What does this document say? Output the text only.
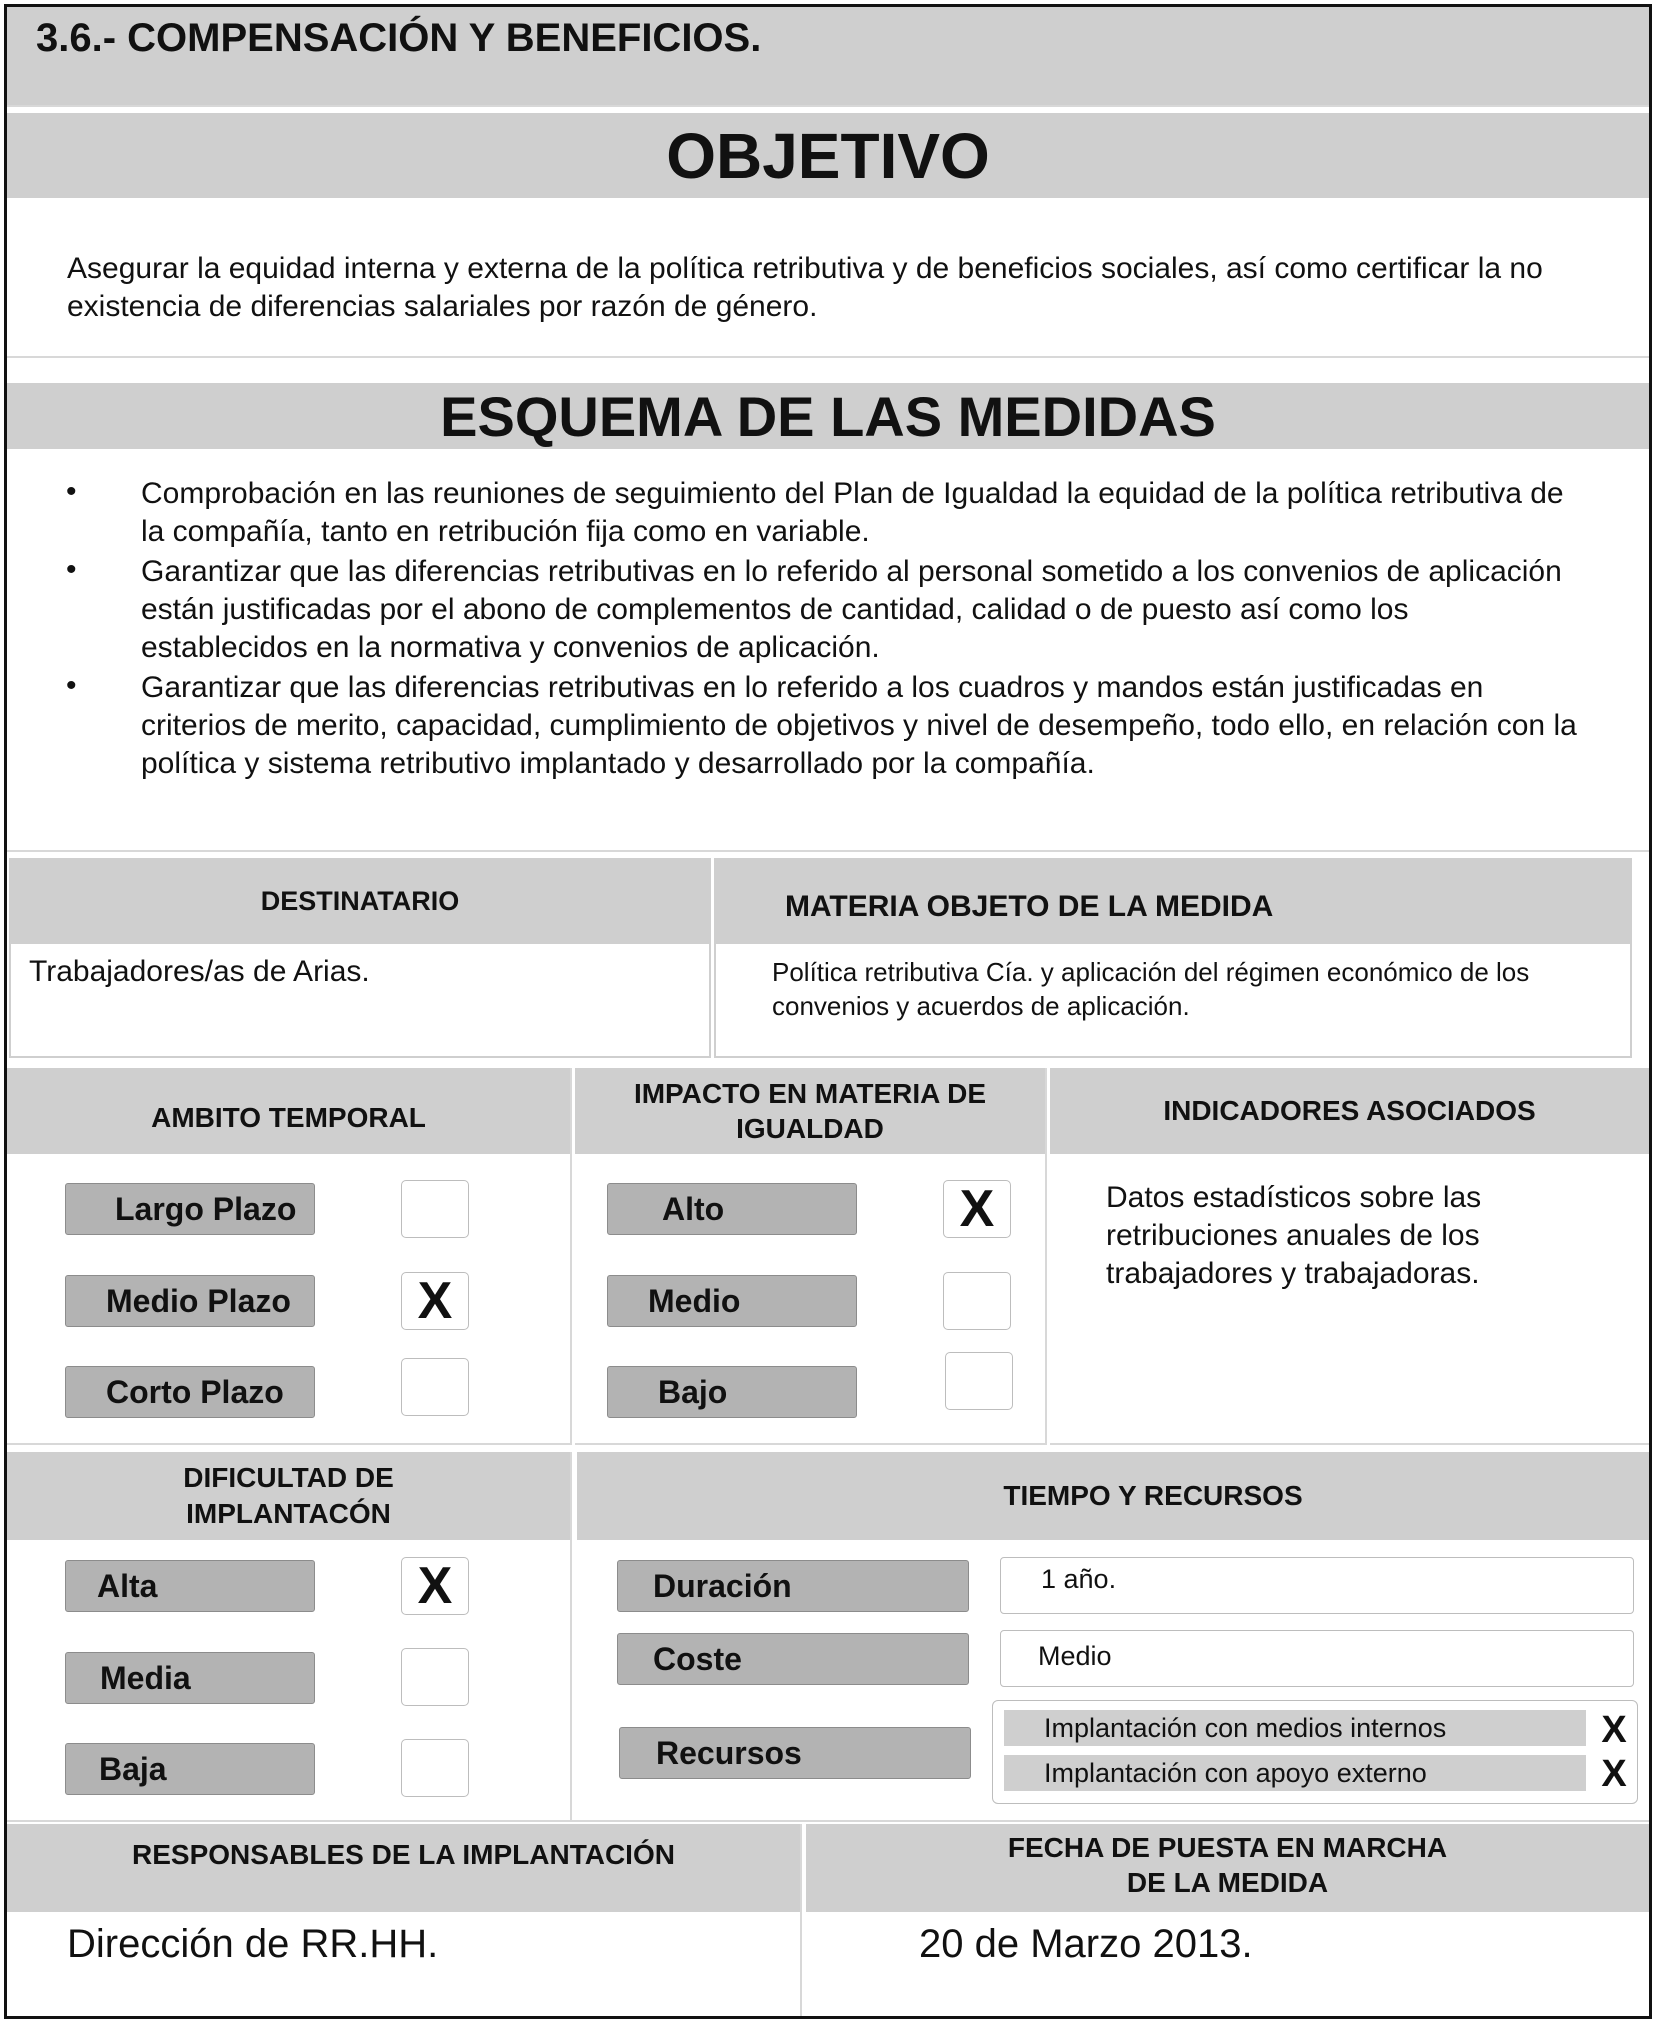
3.6.- COMPENSACIÓN Y BENEFICIOS.
OBJETIVO
Asegurar la equidad interna y externa de la política retributiva y de beneficios sociales, así como certificar la no existencia de diferencias salariales por razón de género.
ESQUEMA DE LAS MEDIDAS
• Comprobación en las reuniones de seguimiento del Plan de Igualdad la equidad de la política retributiva de la compañía, tanto en retribución fija como en variable.
• Garantizar que las diferencias retributivas en lo referido al personal sometido a los convenios de aplicación están justificadas por el abono de complementos de cantidad, calidad o de puesto así como los establecidos en la normativa y convenios de aplicación.
• Garantizar que las diferencias retributivas en lo referido a los cuadros y mandos están justificadas en criterios de merito, capacidad, cumplimiento de objetivos y nivel de desempeño, todo ello, en relación con la política y sistema retributivo implantado y desarrollado por la compañía.
DESTINATARIO
Trabajadores/as de Arias.
MATERIA OBJETO DE LA MEDIDA
Política retributiva Cía. y aplicación del régimen económico de los convenios y acuerdos de aplicación.
AMBITO TEMPORAL
Largo Plazo
Medio Plazo	X
Corto Plazo
IMPACTO EN MATERIA DE
IGUALDAD
Alto	X
Medio
Bajo
INDICADORES ASOCIADOS
Datos estadísticos sobre las retribuciones anuales de los trabajadores y trabajadoras.
DIFICULTAD DE
IMPLANTACÓN
Alta	X
Media
Baja
TIEMPO Y RECURSOS
Duración	1 año.
Coste	Medio
Recursos
Implantación con medios internos	X
Implantación con apoyo externo	X
RESPONSABLES DE LA IMPLANTACIÓN
Dirección de RR.HH.
FECHA DE PUESTA EN MARCHA
DE LA MEDIDA
20 de Marzo 2013.
